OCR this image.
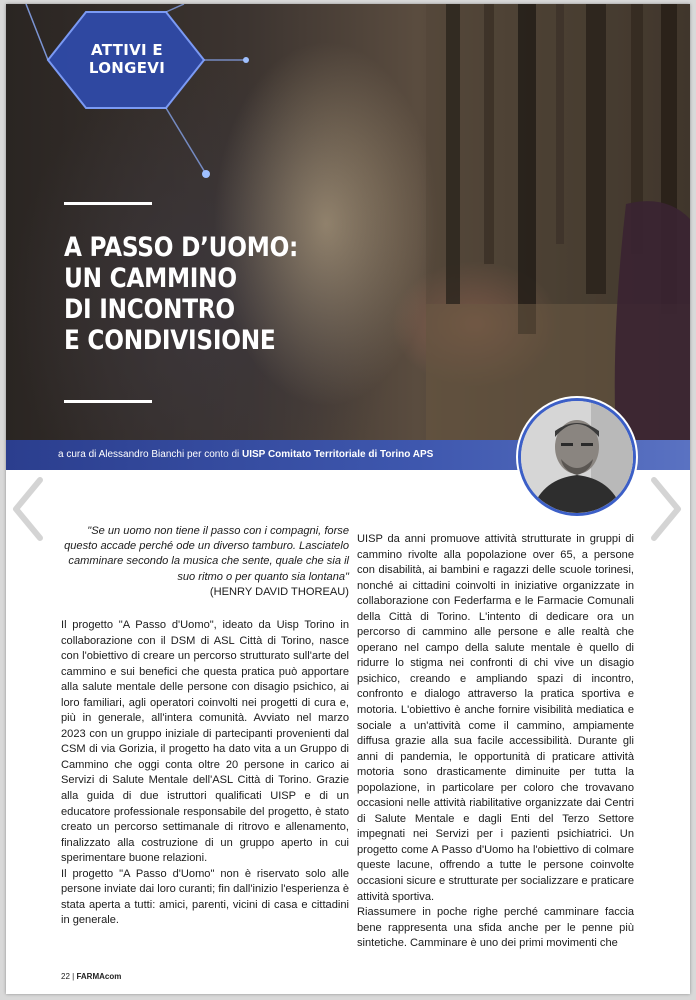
ATTIVI E
LONGEVI
A PASSO D’UOMO:
UN CAMMINO
DI INCONTRO
E CONDIVISIONE
a cura di Alessandro Bianchi per conto di UISP Comitato Territoriale di Torino APS
"Se un uomo non tiene il passo con i compagni, forse questo accade perché ode un diverso tamburo. Lasciatelo camminare secondo la musica che sente, quale che sia il suo ritmo o per quanto sia lontana"
(HENRY DAVID THOREAU)

Il progetto "A Passo d'Uomo", ideato da Uisp Torino in collaborazione con il DSM di ASL Città di Torino, nasce con l'obiettivo di creare un percorso strutturato sull'arte del cammino e sui benefici che questa pratica può apportare alla salute mentale delle persone con disagio psichico, ai loro familiari, agli operatori coinvolti nei progetti di cura e, più in generale, all'intera comunità. Avviato nel marzo 2023 con un gruppo iniziale di partecipanti provenienti dal CSM di via Gorizia, il progetto ha dato vita a un Gruppo di Cammino che oggi conta oltre 20 persone in carico ai Servizi di Salute Mentale dell'ASL Città di Torino. Grazie alla guida di due istruttori qualificati UISP e di un educatore professionale responsabile del progetto, è stato creato un percorso settimanale di ritrovo e allenamento, finalizzato alla costruzione di un gruppo aperto in cui sperimentare buone relazioni.

Il progetto "A Passo d'Uomo" non è riservato solo alle persone inviate dai loro curanti; fin dall'inizio l'esperienza è stata aperta a tutti: amici, parenti, vicini di casa e cittadini in generale.

UISP da anni promuove attività strutturate in gruppi di cammino rivolte alla popolazione over 65, a persone con disabilità, ai bambini e ragazzi delle scuole torinesi, nonché ai cittadini coinvolti in iniziative organizzate in collaborazione con Federfarma e le Farmacie Comunali della Città di Torino. L'intento di dedicare ora un percorso di cammino alle persone e alle realtà che operano nel campo della salute mentale è quello di ridurre lo stigma nei confronti di chi vive un disagio psichico, creando e ampliando spazi di incontro, confronto e dialogo attraverso la pratica sportiva e motoria. L'obiettivo è anche fornire visibilità mediatica e sociale a un'attività come il cammino, ampiamente diffusa grazie alla sua facile accessibilità. Durante gli anni di pandemia, le opportunità di praticare attività motoria sono drasticamente diminuite per tutta la popolazione, in particolare per coloro che trovavano occasioni nelle attività riabilitative organizzate dai Centri di Salute Mentale e dagli Enti del Terzo Settore impegnati nei Servizi per i pazienti psichiatrici. Un progetto come A Passo d'Uomo ha l'obiettivo di colmare queste lacune, offrendo a tutte le persone coinvolte occasioni sicure e strutturate per socializzare e praticare attività sportiva.

Riassumere in poche righe perché camminare faccia bene rappresenta una sfida anche per le penne più sintetiche. Camminare è uno dei primi movimenti che

22 | FARMAcom
